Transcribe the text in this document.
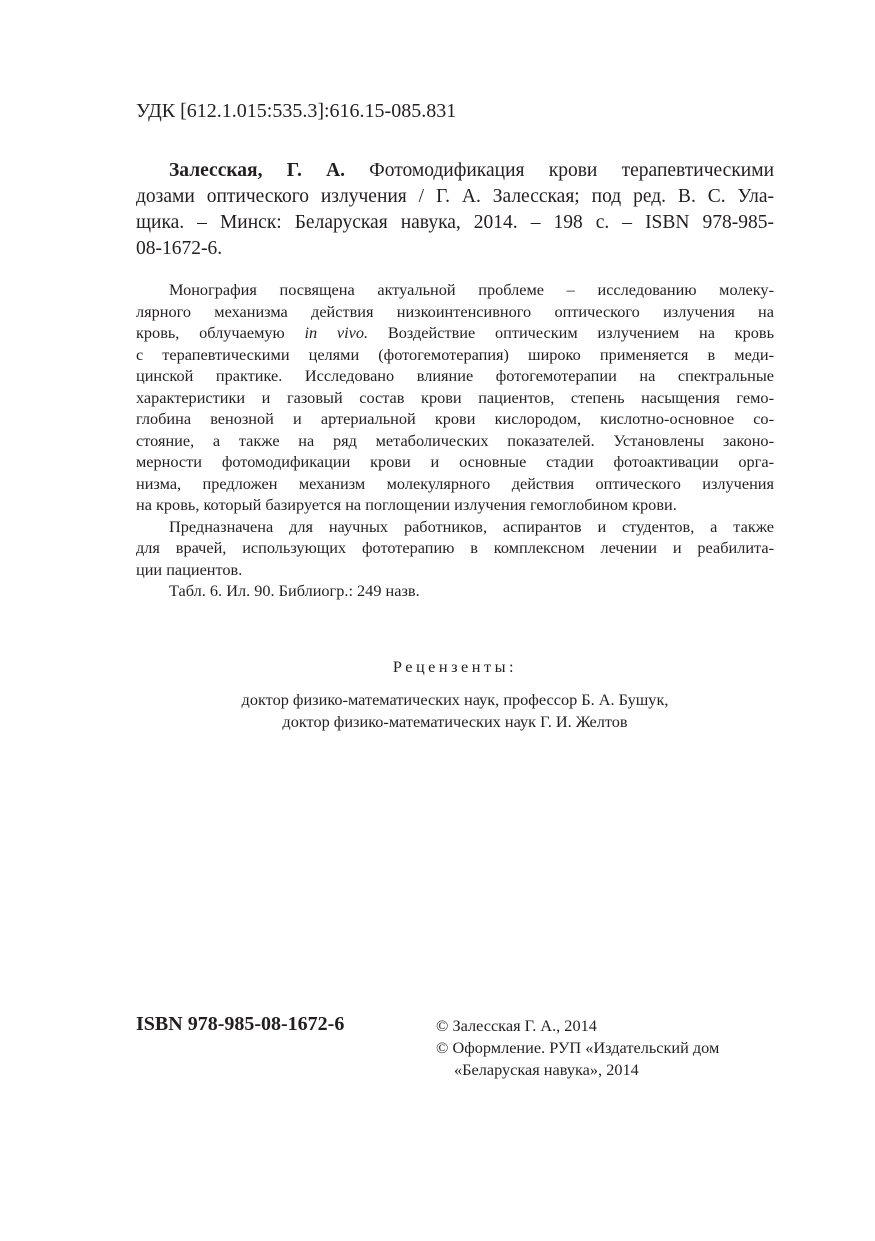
УДК [612.1.015:535.3]:616.15-085.831
Залесская, Г. А. Фотомодификация крови терапевтическими
дозами оптического излучения / Г. А. Залесская; под ред. В. С. Ула-
щика. – Минск: Беларуская навука, 2014. – 198 с. – ISBN 978-985-
08-1672-6.
Монография посвящена актуальной проблеме – исследованию молеку-
лярного механизма действия низкоинтенсивного оптического излучения на
кровь, облучаемую in vivo. Воздействие оптическим излучением на кровь
с терапевтическими целями (фотогемотерапия) широко применяется в меди-
цинской практике. Исследовано влияние фотогемотерапии на спектральные
характеристики и газовый состав крови пациентов, степень насыщения гемо-
глобина венозной и артериальной крови кислородом, кислотно-основное со-
стояние, а также на ряд метаболических показателей. Установлены законо-
мерности фотомодификации крови и основные стадии фотоактивации орга-
низма, предложен механизм молекулярного действия оптического излучения
на кровь, который базируется на поглощении излучения гемоглобином крови.
Предназначена для научных работников, аспирантов и студентов, а также
для врачей, использующих фототерапию в комплексном лечении и реабилита-
ции пациентов.
Табл. 6. Ил. 90. Библиогр.: 249 назв.
Рецензенты:
доктор физико-математических наук, профессор Б. А. Бушук,
доктор физико-математических наук Г. И. Желтов
ISBN 978-985-08-1672-6	© Залесская Г. А., 2014
© Оформление. РУП «Издательский дом
«Беларуская навука», 2014
